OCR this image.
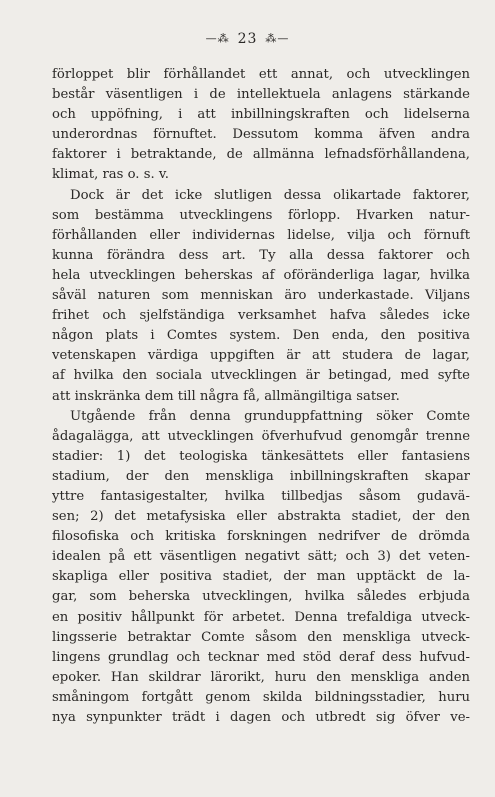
—⁂ 23 ⁂—
förloppet blir förhållandet ett annat, och utvecklingen
består väsentligen i de intellektuela anlagens stärkande
och uppöfning, i att inbillningskraften och lidelserna
underordnas förnuftet. Dessutom komma äfven andra
faktorer i betraktande, de allmänna lefnadsförhållandena,
klimat, ras o. s. v.
Dock är det icke slutligen dessa olikartade faktorer,
som bestämma utvecklingens förlopp. Hvarken natur-
förhållanden eller individernas lidelse, vilja och förnuft
kunna förändra dess art. Ty alla dessa faktorer och
hela utvecklingen beherskas af oföränderliga lagar, hvilka
såväl naturen som menniskan äro underkastade. Viljans
frihet och sjelfständiga verksamhet hafva således icke
någon plats i Comtes system. Den enda, den positiva
vetenskapen värdiga uppgiften är att studera de lagar,
af hvilka den sociala utvecklingen är betingad, med syfte
att inskränka dem till några få, allmängiltiga satser.
Utgående från denna grunduppfattning söker Comte
ådagalägga, att utvecklingen öfverhufvud genomgår trenne
stadier: 1) det teologiska tänkesättets eller fantasiens
stadium, der den menskliga inbillningskraften skapar
yttre fantasigestalter, hvilka tillbedjas såsom gudavä-
sen; 2) det metafysiska eller abstrakta stadiet, der den
filosofiska och kritiska forskningen nedrifver de drömda
idealen på ett väsentligen negativt sätt; och 3) det veten-
skapliga eller positiva stadiet, der man upptäckt de la-
gar, som beherska utvecklingen, hvilka således erbjuda
en positiv hållpunkt för arbetet. Denna trefaldiga utveck-
lingsserie betraktar Comte såsom den menskliga utveck-
lingens grundlag och tecknar med stöd deraf dess hufvud-
epoker. Han skildrar lärorikt, huru den menskliga anden
småningom fortgått genom skilda bildningsstadier, huru
nya synpunkter trädt i dagen och utbredt sig öfver ve-
